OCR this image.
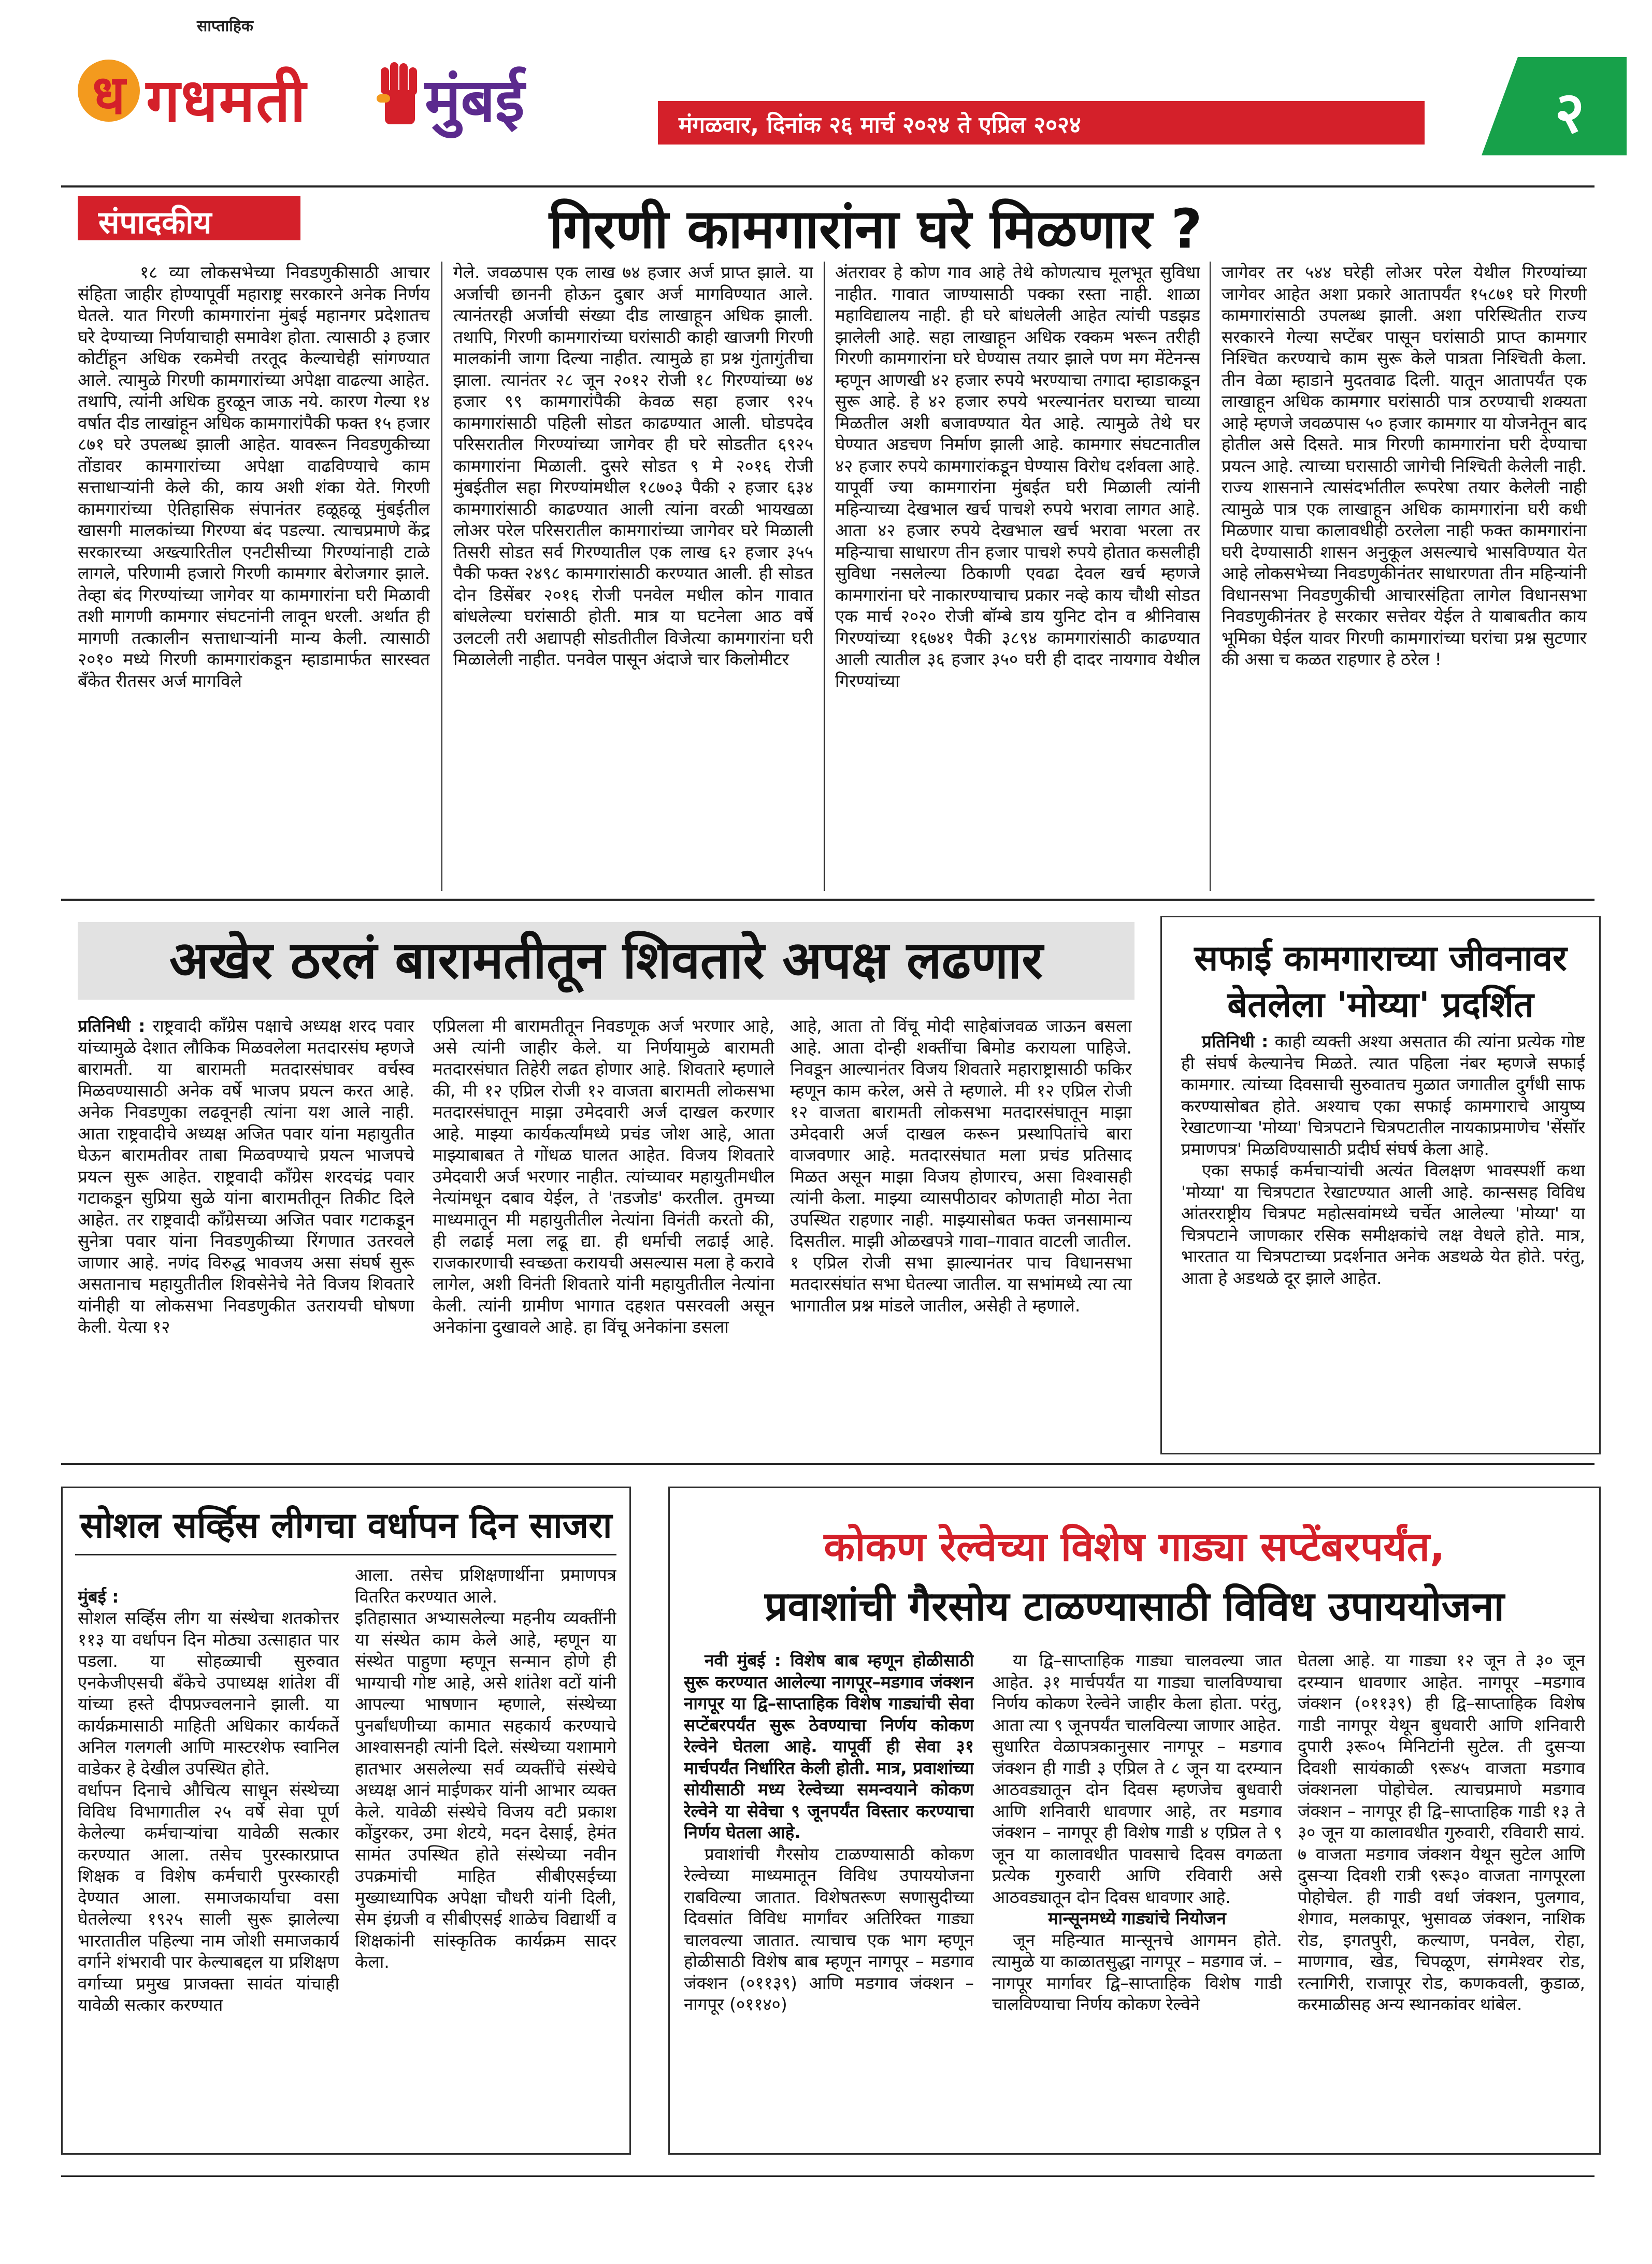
साप्ताहिक
ध गधमती मुंबई	मंगळवार, दिनांक २६ मार्च २०२४ ते एप्रिल २०२४	२
संपादकीय	गिरणी कामगारांना घरे मिळणार ?
१८ व्या लोकसभेच्या निवडणुकीसाठी आचार संहिता जाहीर होण्यापूर्वी महाराष्ट्र सरकारने अनेक निर्णय घेतले. यात गिरणी कामगारांना मुंबई महानगर प्रदेशातच घरे देण्याच्या निर्णयाचाही समावेश होता. त्यासाठी ३ हजार कोटींहून अधिक रकमेची तरतूद केल्याचेही सांगण्यात आले. त्यामुळे गिरणी कामगारांच्या अपेक्षा वाढल्या आहेत. तथापि, त्यांनी अधिक हुरळून जाऊ नये. कारण गेल्या १४ वर्षात दीड लाखांहून अधिक कामगारांपैकी फक्त १५ हजार ८७१ घरे उपलब्ध झाली आहेत. यावरून निवडणुकीच्या तोंडावर कामगारांच्या अपेक्षा वाढविण्याचे काम सत्ताधाऱ्यांनी केले की, काय अशी शंका येते. गिरणी कामगारांच्या ऐतिहासिक संपानंतर हळूहळू मुंबईतील खासगी मालकांच्या गिरण्या बंद पडल्या. त्याचप्रमाणे केंद्र सरकारच्या अख्त्यारितील एनटीसीच्या गिरण्यांनाही टाळे लागले, परिणामी हजारो गिरणी कामगार बेरोजगार झाले. तेव्हा बंद गिरण्यांच्या जागेवर या कामगारांना घरी मिळावी तशी मागणी कामगार संघटनांनी लावून धरली. अर्थात ही मागणी तत्कालीन सत्ताधाऱ्यांनी मान्य केली. त्यासाठी २०१० मध्ये गिरणी कामगारांकडून म्हाडामार्फत सारस्वत बँकेत रीतसर अर्ज मागविले
गेले. जवळपास एक लाख ७४ हजार अर्ज प्राप्त झाले. या अर्जाची छाननी होऊन दुबार अर्ज मागविण्यात आले. त्यानंतरही अर्जाची संख्या दीड लाखाहून अधिक झाली. तथापि, गिरणी कामगारांच्या घरांसाठी काही खाजगी गिरणी मालकांनी जागा दिल्या नाहीत. त्यामुळे हा प्रश्न गुंतागुंतीचा झाला. त्यानंतर २८ जून २०१२ रोजी १८ गिरण्यांच्या ७४ हजार ९९ कामगारांपैकी केवळ सहा हजार ९२५ कामगारांसाठी पहिली सोडत काढण्यात आली. घोडपदेव परिसरातील गिरण्यांच्या जागेवर ही घरे सोडतीत ६९२५ कामगारांना मिळाली. दुसरे सोडत ९ मे २०१६ रोजी मुंबईतील सहा गिरण्यांमधील १८७०३ पैकी २ हजार ६३४ कामगारांसाठी काढण्यात आली त्यांना वरळी भायखळा लोअर परेल परिसरातील कामगारांच्या जागेवर घरे मिळाली तिसरी सोडत सर्व गिरण्यातील एक लाख ६२ हजार ३५५ पैकी फक्त २४९८ कामगारांसाठी करण्यात आली. ही सोडत दोन डिसेंबर २०१६ रोजी पनवेल मधील कोन गावात बांधलेल्या घरांसाठी होती. मात्र या घटनेला आठ वर्षे उलटली तरी अद्यापही सोडतीतील विजेत्या कामगारांना घरी मिळालेली नाहीत. पनवेल पासून अंदाजे चार किलोमीटर
अंतरावर हे कोण गाव आहे तेथे कोणत्याच मूलभूत सुविधा नाहीत. गावात जाण्यासाठी पक्का रस्ता नाही. शाळा महाविद्यालय नाही. ही घरे बांधलेली आहेत त्यांची पडझड झालेली आहे. सहा लाखाहून अधिक रक्कम भरून तरीही गिरणी कामगारांना घरे घेण्यास तयार झाले पण मग मेंटेनन्स म्हणून आणखी ४२ हजार रुपये भरण्याचा तगादा म्हाडाकडून सुरू आहे. हे ४२ हजार रुपये भरल्यानंतर घराच्या चाव्या मिळतील अशी बजावण्यात येत आहे. त्यामुळे तेथे घर घेण्यात अडचण निर्माण झाली आहे. कामगार संघटनातील ४२ हजार रुपये कामगारांकडून घेण्यास विरोध दर्शवला आहे. यापूर्वी ज्या कामगारांना मुंबईत घरी मिळाली त्यांनी महिन्याच्या देखभाल खर्च पाचशे रुपये भरावा लागत आहे. आता ४२ हजार रुपये देखभाल खर्च भरावा भरला तर महिन्याचा साधारण तीन हजार पाचशे रुपये होतात कसलीही सुविधा नसलेल्या ठिकाणी एवढा देवल खर्च म्हणजे कामगारांना घरे नाकारण्याचाच प्रकार नव्हे काय चौथी सोडत एक मार्च २०२० रोजी बॉम्बे डाय युनिट दोन व श्रीनिवास गिरण्यांच्या १६७४१ पैकी ३८९४ कामगारांसाठी काढण्यात आली त्यातील ३६ हजार ३५० घरी ही दादर नायगाव येथील गिरण्यांच्या
जागेवर तर ५४४ घरेही लोअर परेल येथील गिरण्यांच्या जागेवर आहेत अशा प्रकारे आतापर्यंत १५८७१ घरे गिरणी कामगारांसाठी उपलब्ध झाली. अशा परिस्थितीत राज्य सरकारने गेल्या सप्टेंबर पासून घरांसाठी प्राप्त कामगार निश्चित करण्याचे काम सुरू केले पात्रता निश्चिती केला. तीन वेळा म्हाडाने मुदतवाढ दिली. यातून आतापर्यंत एक लाखाहून अधिक कामगार घरांसाठी पात्र ठरण्याची शक्यता आहे म्हणजे जवळपास ५० हजार कामगार या योजनेतून बाद होतील असे दिसते. मात्र गिरणी कामगारांना घरी देण्याचा प्रयत्न आहे. त्याच्या घरासाठी जागेची निश्चिती केलेली नाही. राज्य शासनाने त्यासंदर्भातील रूपरेषा तयार केलेली नाही त्यामुळे पात्र एक लाखाहून अधिक कामगारांना घरी कधी मिळणार याचा कालावधीही ठरलेला नाही फक्त कामगारांना घरी देण्यासाठी शासन अनुकूल असल्याचे भासविण्यात येत आहे लोकसभेच्या निवडणुकीनंतर साधारणता तीन महिन्यांनी विधानसभा निवडणुकीची आचारसंहिता लागेल विधानसभा निवडणुकीनंतर हे सरकार सत्तेवर येईल ते याबाबतीत काय भूमिका घेईल यावर गिरणी कामगारांच्या घरांचा प्रश्न सुटणार की असा च कळत राहणार हे ठरेल !
अखेर ठरलं बारामतीतून शिवतारे अपक्ष लढणार
प्रतिनिधी : राष्ट्रवादी काँग्रेस पक्षाचे अध्यक्ष शरद पवार यांच्यामुळे देशात लौकिक मिळवलेला मतदारसंघ म्हणजे बारामती. या बारामती मतदारसंघावर वर्चस्व मिळवण्यासाठी अनेक वर्षे भाजप प्रयत्न करत आहे. अनेक निवडणुका लढवूनही त्यांना यश आले नाही. आता राष्ट्रवादीचे अध्यक्ष अजित पवार यांना महायुतीत घेऊन बारामतीवर ताबा मिळवण्याचे प्रयत्न भाजपचे प्रयत्न सुरू आहेत. राष्ट्रवादी काँग्रेस शरदचंद्र पवार गटाकडून सुप्रिया सुळे यांना बारामतीतून तिकीट दिले आहेत. तर राष्ट्रवादी काँग्रेसच्या अजित पवार गटाकडून सुनेत्रा पवार यांना निवडणुकीच्या रिंगणात उतरवले जाणार आहे. नणंद विरुद्ध भावजय असा संघर्ष सुरू असतानाच महायुतीतील शिवसेनेचे नेते विजय शिवतारे यांनीही या लोकसभा निवडणुकीत उतरायची घोषणा केली. येत्या १२
एप्रिलला मी बारामतीतून निवडणूक अर्ज भरणार आहे, असे त्यांनी जाहीर केले. या निर्णयामुळे बारामती मतदारसंघात तिहेरी लढत होणार आहे. शिवतारे म्हणाले की, मी १२ एप्रिल रोजी १२ वाजता बारामती लोकसभा मतदारसंघातून माझा उमेदवारी अर्ज दाखल करणार आहे. माझ्या कार्यकर्त्यांमध्ये प्रचंड जोश आहे, आता माझ्याबाबत ते गोंधळ घालत आहेत. विजय शिवतारे उमेदवारी अर्ज भरणार नाहीत. त्यांच्यावर महायुतीमधील नेत्यांमधून दबाव येईल, ते 'तडजोड' करतील. तुमच्या माध्यमातून मी महायुतीतील नेत्यांना विनंती करतो की, ही लढाई मला लढू द्या. ही धर्माची लढाई आहे. राजकारणाची स्वच्छता करायची असल्यास मला हे करावे लागेल, अशी विनंती शिवतारे यांनी महायुतीतील नेत्यांना केली. त्यांनी ग्रामीण भागात दहशत पसरवली असून अनेकांना दुखावले आहे. हा विंचू अनेकांना डसला
आहे, आता तो विंचू मोदी साहेबांजवळ जाऊन बसला आहे. आता दोन्ही शक्तींचा बिमोड करायला पाहिजे. निवडून आल्यानंतर विजय शिवतारे महाराष्ट्रासाठी फकिर म्हणून काम करेल, असे ते म्हणाले. मी १२ एप्रिल रोजी १२ वाजता बारामती लोकसभा मतदारसंघातून माझा उमेदवारी अर्ज दाखल करून प्रस्थापितांचे बारा वाजवणार आहे. मतदारसंघात मला प्रचंड प्रतिसाद मिळत असून माझा विजय होणारच, असा विश्वासही त्यांनी केला. माझ्या व्यासपीठावर कोणताही मोठा नेता उपस्थित राहणार नाही. माझ्यासोबत फक्त जनसामान्य दिसतील. माझी ओळखपत्रे गावा–गावात वाटली जातील. १ एप्रिल रोजी सभा झाल्यानंतर पाच विधानसभा मतदारसंघांत सभा घेतल्या जातील. या सभांमध्ये त्या त्या भागातील प्रश्न मांडले जातील, असेही ते म्हणाले.
सफाई कामगाराच्या जीवनावर
बेतलेला 'मोय्या' प्रदर्शित

प्रतिनिधी : काही व्यक्ती अश्या असतात की त्यांना प्रत्येक गोष्ट ही संघर्ष केल्यानेच मिळते. त्यात पहिला नंबर म्हणजे सफाई कामगार. त्यांच्या दिवसाची सुरुवातच मुळात जगातील दुर्गंधी साफ करण्यासोबत होते. अश्याच एका सफाई कामगाराचे आयुष्य रेखाटणाऱ्या 'मोय्या' चित्रपटाने चित्रपटातील नायकाप्रमाणेच 'सेंसॉर प्रमाणपत्र' मिळविण्यासाठी प्रदीर्घ संघर्ष केला आहे.

एका सफाई कर्मचाऱ्यांची अत्यंत विलक्षण भावस्पर्शी कथा 'मोय्या' या चित्रपटात रेखाटण्यात आली आहे. कान्ससह विविध आंतरराष्ट्रीय चित्रपट महोत्सवांमध्ये चर्चेत आलेल्या 'मोय्या' या चित्रपटाने जाणकार रसिक समीक्षकांचे लक्ष वेधले होते. मात्र, भारतात या चित्रपटाच्या प्रदर्शनात अनेक अडथळे येत होते. परंतु, आता हे अडथळे दूर झाले आहेत.

सोशल सर्व्हिस लीगचा वर्धापन दिन साजरा

मुंबई :
सोशल सर्व्हिस लीग या संस्थेचा शतकोत्तर ११३ या वर्धापन दिन मोठ्या उत्साहात पार पडला. या सोहळ्याची सुरुवात एनकेजीएसची बँकेचे उपाध्यक्ष शांतेश वीं यांच्या हस्ते दीपप्रज्वलनाने झाली. या कार्यक्रमासाठी माहिती अधिकार कार्यकर्ते अनिल गलगली आणि मास्टरशेफ स्वानिल वाडेकर हे देखील उपस्थित होते.
वर्धापन दिनाचे औचित्य साधून संस्थेच्या विविध विभागातील २५ वर्षे सेवा पूर्ण केलेल्या कर्मचाऱ्यांचा यावेळी सत्कार करण्यात आला. तसेच पुरस्कारप्राप्त शिक्षक व विशेष कर्मचारी पुरस्कारही देण्यात आला. समाजकार्याचा वसा घेतलेल्या १९२५ साली सुरू झालेल्या भारतातील पहिल्या नाम जोशी समाजकार्य वर्गाने शंभरावी पार केल्याबद्दल या प्रशिक्षण वर्गाच्या प्रमुख प्राजक्ता सावंत यांचाही यावेळी सत्कार करण्यात

आला. तसेच प्रशिक्षणार्थीना प्रमाणपत्र वितरित करण्यात आले.
इतिहासात अभ्यासलेल्या महनीय व्यक्तींनी या संस्थेत काम केले आहे, म्हणून या संस्थेत पाहुणा म्हणून सन्मान होणे ही भाग्याची गोष्ट आहे, असे शांतेश वटों यांनी आपल्या भाषणान म्हणाले, संस्थेच्या पुनर्बांधणीच्या कामात सहकार्य करण्याचे आश्वासनही त्यांनी दिले. संस्थेच्या यशामागे हातभार असलेल्या सर्व व्यक्तींचे संस्थेचे अध्यक्ष आनं माईणकर यांनी आभार व्यक्त केले. यावेळी संस्थेचे विजय वटी प्रकाश कोंडुरकर, उमा शेटये, मदन देसाई, हेमंत सामंत उपस्थित होते संस्थेच्या नवीन उपक्रमांची माहित सीबीएसईच्या मुख्याध्यापिक अपेक्षा चौधरी यांनी दिली, सेम इंग्रजी व सीबीएसई शाळेच विद्यार्थी व शिक्षकांनी सांस्कृतिक कार्यक्रम सादर केला.
कोकण रेल्वेच्या विशेष गाड्या सप्टेंबरपर्यंत,
प्रवाशांची गैरसोय टाळण्यासाठी विविध उपाययोजना

नवी मुंबई : विशेष बाब म्हणून होळीसाठी सुरू करण्यात आलेल्या नागपूर–मडगाव जंक्शन नागपूर या द्वि–साप्ताहिक विशेष गाड्यांची सेवा सप्टेंबरपर्यंत सुरू ठेवण्याचा निर्णय कोकण रेल्वेने घेतला आहे. यापूर्वी ही सेवा ३१ मार्चपर्यंत निर्धारित केली होती. मात्र, प्रवाशांच्या सोयीसाठी मध्य रेल्वेच्या समन्वयाने कोकण रेल्वेने या सेवेचा ९ जूनपर्यंत विस्तार करण्याचा निर्णय घेतला आहे.

प्रवाशांची गैरसोय टाळण्यासाठी कोकण रेल्वेच्या माध्यमातून विविध उपाययोजना राबविल्या जातात. विशेषतरूण सणासुदीच्या दिवसांत विविध मार्गांवर अतिरिक्त गाड्या चालवल्या जातात. त्याचाच एक भाग म्हणून होळीसाठी विशेष बाब म्हणून नागपूर – मडगाव जंक्शन (०११३९) आणि मडगाव जंक्शन – नागपूर (०११४०)

या द्वि–साप्ताहिक गाड्या चालवल्या जात आहेत. ३१ मार्चपर्यंत या गाड्या चालविण्याचा निर्णय कोकण रेल्वेने जाहीर केला होता. परंतु, आता त्या ९ जूनपर्यंत चालविल्या जाणार आहेत.
सुधारित वेळापत्रकानुसार नागपूर – मडगाव जंक्शन ही गाडी ३ एप्रिल ते ८ जून या दरम्यान आठवड्यातून दोन दिवस म्हणजेच बुधवारी आणि शनिवारी धावणार आहे, तर मडगाव जंक्शन – नागपूर ही विशेष गाडी ४ एप्रिल ते ९ जून या कालावधीत पावसाचे दिवस वगळता प्रत्येक गुरुवारी आणि रविवारी असे आठवड्यातून दोन दिवस धावणार आहे.

मान्सूनमध्ये गाड्यांचे नियोजन

जून महिन्यात मान्सूनचे आगमन होते. त्यामुळे या काळातसुद्धा नागपूर – मडगाव जं. – नागपूर मार्गावर द्वि–साप्ताहिक विशेष गाडी चालविण्याचा निर्णय कोकण रेल्वेने

घेतला आहे. या गाड्या १२ जून ते ३० जून दरम्यान धावणार आहेत. नागपूर –मडगाव जंक्शन (०११३९) ही द्वि–साप्ताहिक विशेष गाडी नागपूर येथून बुधवारी आणि शनिवारी दुपारी ३रू०५ मिनिटांनी सुटेल. ती दुसऱ्या दिवशी सायंकाळी ९रू४५ वाजता मडगाव जंक्शनला पोहोचेल. त्याचप्रमाणे मडगाव जंक्शन – नागपूर ही द्वि–साप्ताहिक गाडी १३ ते ३० जून या कालावधीत गुरुवारी, रविवारी सायं. ७ वाजता मडगाव जंक्शन येथून सुटेल आणि दुसऱ्या दिवशी रात्री ९रू३० वाजता नागपूरला पोहोचेल. ही गाडी वर्धा जंक्शन, पुलगाव, शेगाव, मलकापूर, भुसावळ जंक्शन, नाशिक रोड, इगतपुरी, कल्याण, पनवेल, रोहा, माणगाव, खेड, चिपळूण, संगमेश्वर रोड, रत्नागिरी, राजापूर रोड, कणकवली, कुडाळ, करमाळीसह अन्य स्थानकांवर थांबेल.
